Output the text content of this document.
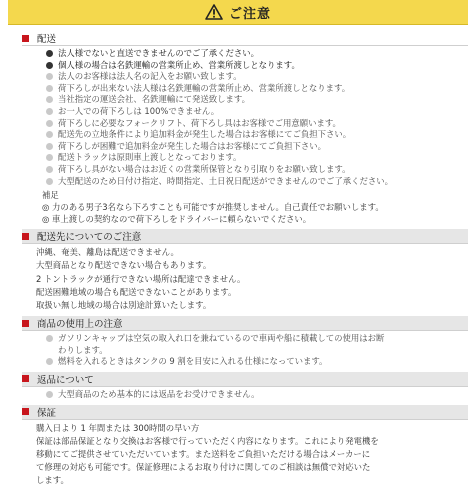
ご注意
配送
法人様でないと直送できませんのでご了承ください。
個人様の場合は名鉄運輸の営業所止め、営業所渡しとなります。
法人のお客様は法人名の記入をお願い致します。
荷下ろしが出来ない法人様は名鉄運輸の営業所止め、営業所渡しとなります。
当社指定の運送会社、名鉄運輸にて発送致します。
お一人での荷下ろしは 100%できません。
荷下ろしに必要なフォークリフト、荷下ろし具はお客様でご用意願います。
配送先の立地条件により追加料金が発生した場合はお客様にてご負担下さい。
荷下ろしが困難で追加料金が発生した場合はお客様にてご負担下さい。
配送トラックは原則車上渡しとなっております。
荷下ろし具がない場合はお近くの営業所保管となり引取りをお願い致します。
大型配送のため日付け指定、時間指定、土日祝日配送ができませんのでご了承ください。
補足
◎ 力のある男子3名なら下ろすことも可能ですが推奨しません。自己責任でお願いします。
◎ 車上渡しの契約なので荷下ろしをドライバーに頼らないでください。
配送先についてのご注意
沖縄、奄美、離島は配送できません。
大型商品となり配送できない場合もあります。
2 トントラックが通行できない場所は配達できません。
配送困難地域の場合も配送できないことがあります。
取扱い無し地域の場合は別途計算いたします。
商品の使用上の注意
ガソリンキャップは空気の取入れ口を兼ねているので車両や船に積載しての使用はお断
わりします。
燃料を入れるときはタンクの 9 割を目安に入れる仕様になっています。
返品について
大型商品のため基本的には返品をお受けできません。
保証
購入日より 1 年間または 300時間の早い方
保証は部品保証となり交換はお客様で行っていただく内容になります。これにより発電機を
移動にてご提供させていただいています。また送料をご負担いただける場合はメーカーに
て修理の対応も可能です。保証修理によるお取り付けに関してのご相談は無償で対応いた
します。
